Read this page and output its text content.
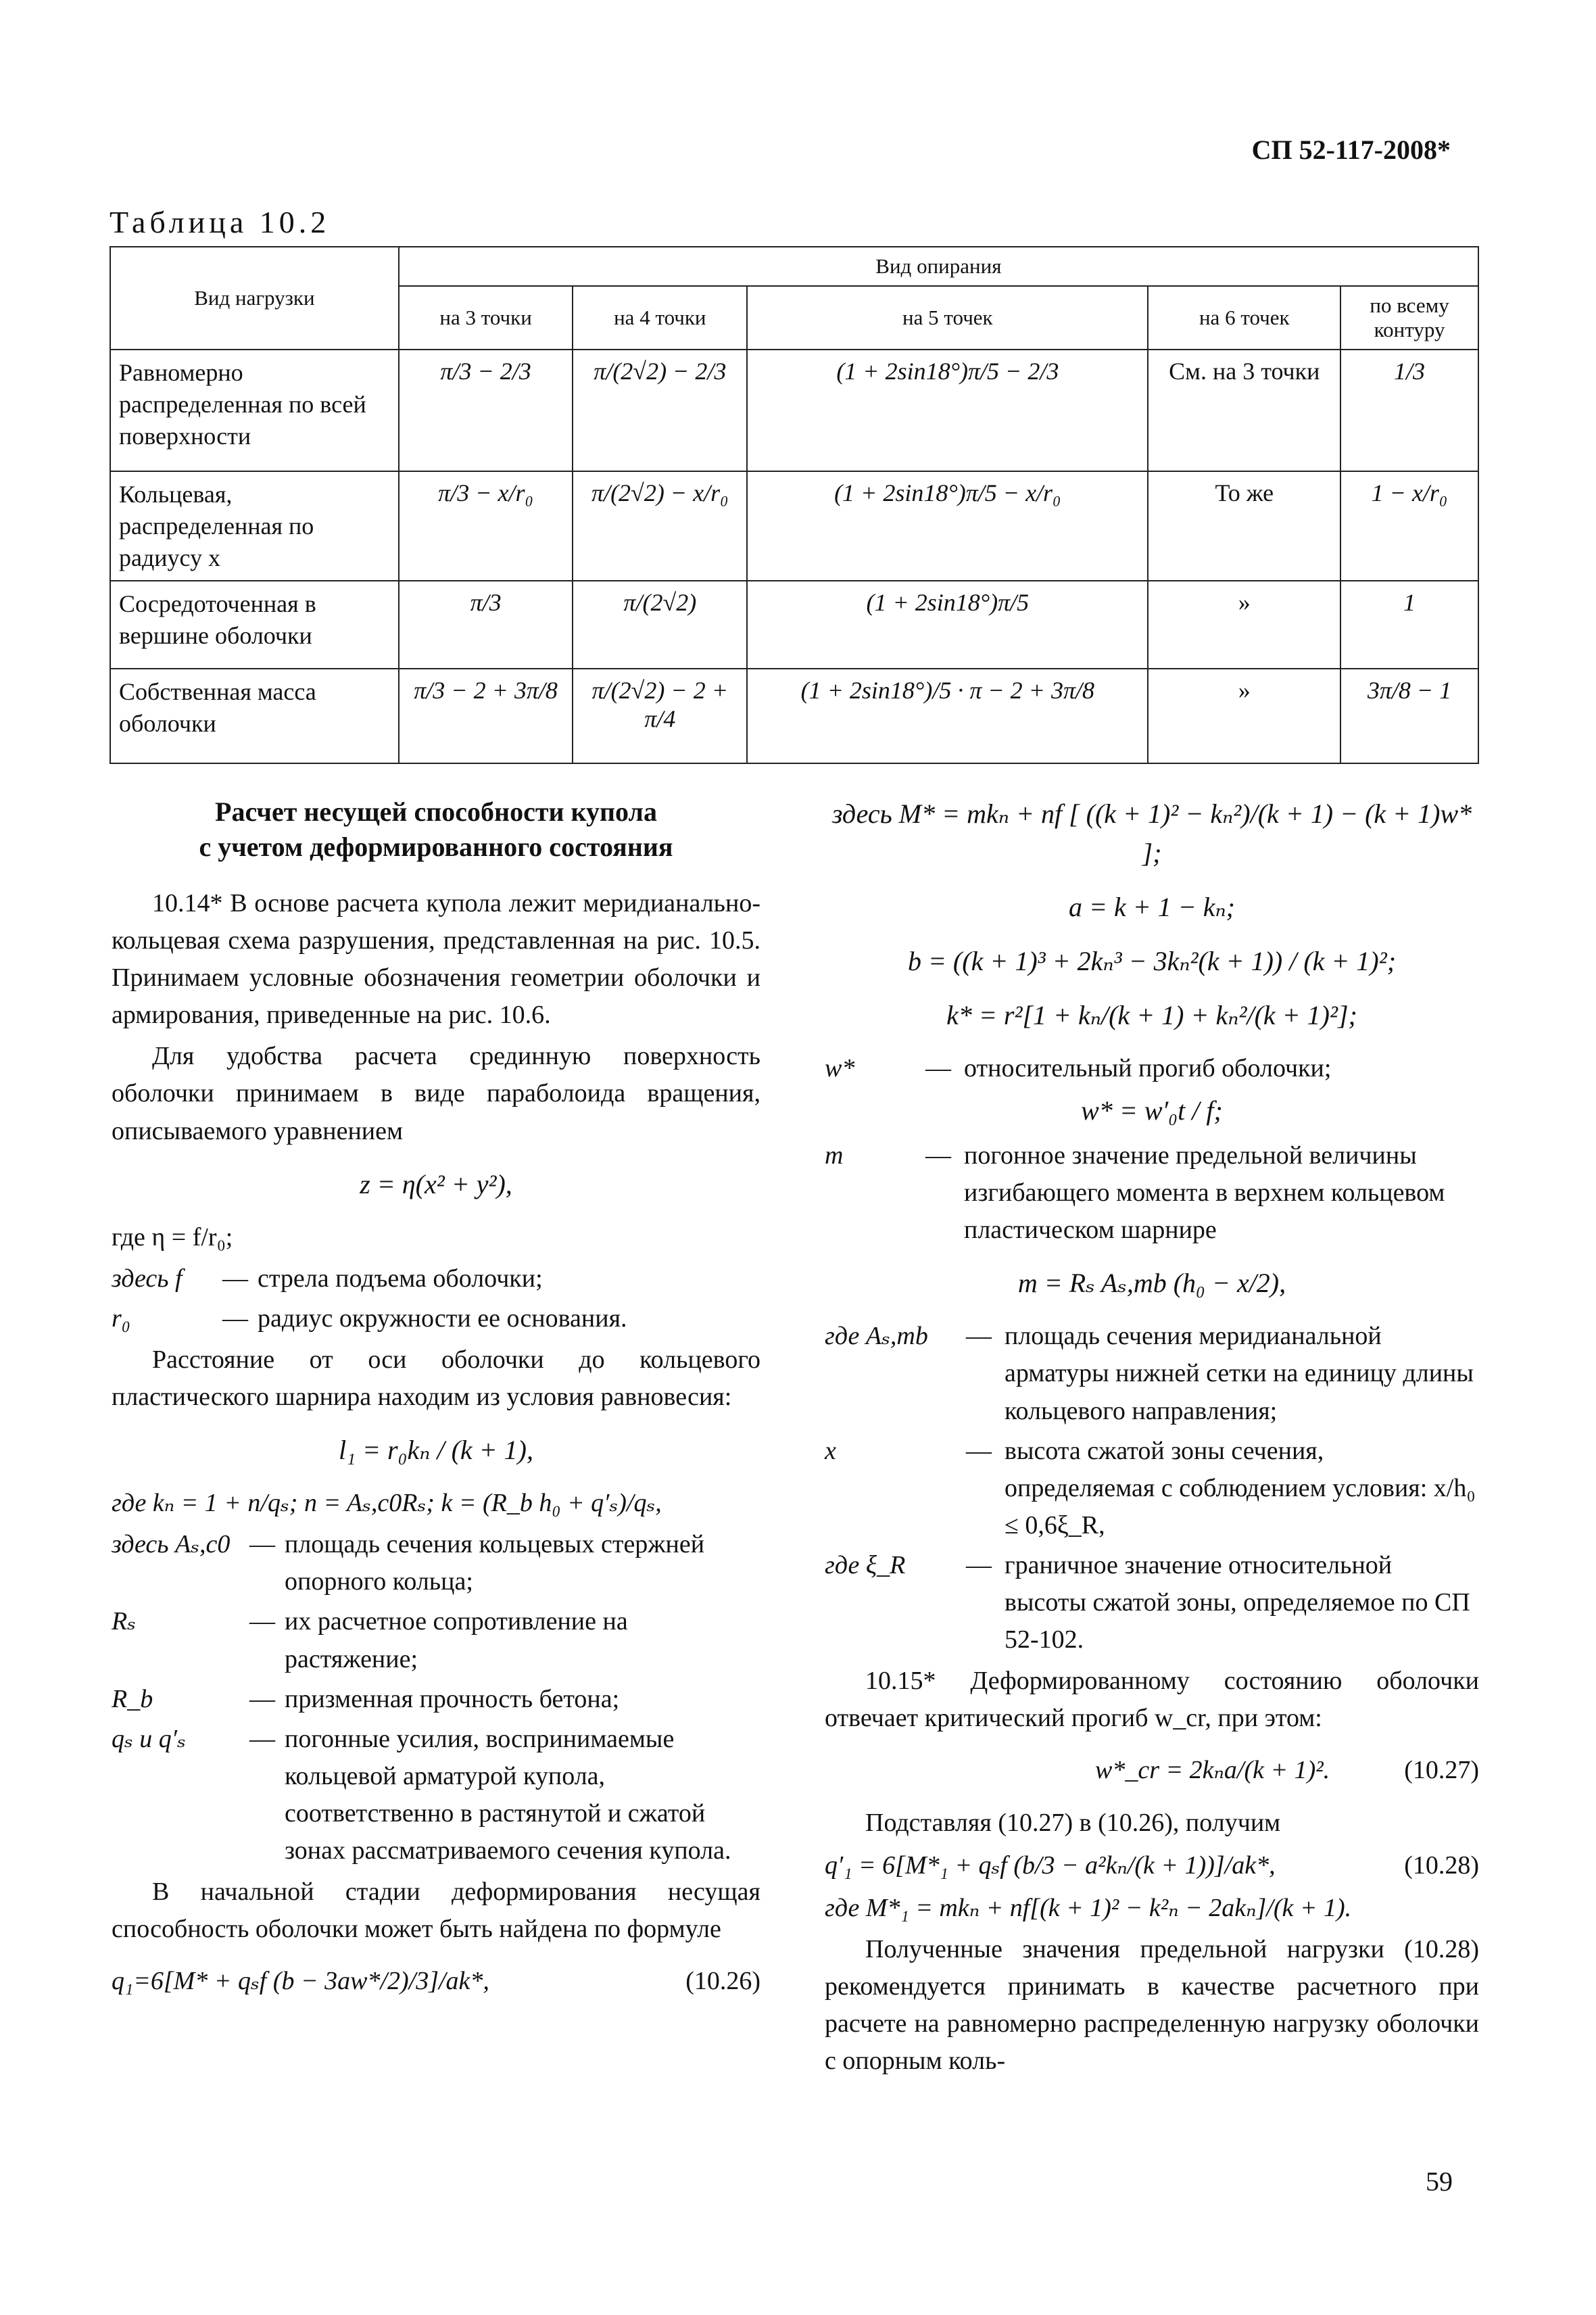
СП 52-117-2008*
Таблица 10.2
Вид нагрузки	Вид опирания				
	на 3 точки	на 4 точки	на 5 точек	на 6 точек	по всему контуру
Равномерно распределенная по всей поверхности	π/3 − 2/3	π/(2√2) − 2/3	(1 + 2sin18°)π/5 − 2/3	См. на 3 точки	1/3
Кольцевая, распределенная по радиусу x	π/3 − x/r₀	π/(2√2) − x/r₀	(1 + 2sin18°)π/5 − x/r₀	То же	1 − x/r₀
Сосредоточенная в вершине оболочки	π/3	π/(2√2)	(1 + 2sin18°)π/5	»	1
Собственная масса оболочки	π/3 − 2 + 3π/8	π/(2√2) − 2 + π/4	(1 + 2sin18°)/5 · π − 2 + 3π/8	»	3π/8 − 1
Расчет несущей способности купола
с учетом деформированного состояния

10.14* В основе расчета купола лежит меридианально-кольцевая схема разрушения, представленная на рис. 10.5. Принимаем условные обозначения геометрии оболочки и армирования, приведенные на рис. 10.6.

Для удобства расчета срединную поверхность оболочки принимаем в виде параболоида вращения, описываемого уравнением

z = η(x² + y²),

где η = f/r₀;

здесь f	— стрела подъема оболочки;
r₀	— радиус окружности ее основания.

Расстояние от оси оболочки до кольцевого пластического шарнира находим из условия равновесия:

l₁ = r₀kₙ / (k + 1),

где kₙ = 1 + n/qₛ; n = Aₛ,c0Rₛ; k = (R_b h₀ + q′ₛ)/qₛ,

здесь Aₛ,c0 — площадь сечения кольцевых стержней опорного кольца;
Rₛ	— их расчетное сопротивление на растяжение;
R_b	— призменная прочность бетона;
qₛ и q′ₛ	— погонные усилия, воспринимаемые кольцевой арматурой купола, соответственно в растянутой и сжатой зонах рассматриваемого сечения купола.

В начальной стадии деформирования несущая способность оболочки может быть найдена по формуле

q₁=6[M* + qₛf (b − 3aw*/2)/3]/ak*,	(10.26)
здесь M* = mkₙ + nf [ ((k + 1)² − kₙ²)/(k + 1) − (k + 1)w* ];
a = k + 1 − kₙ;
b = ((k + 1)³ + 2kₙ³ − 3kₙ²(k + 1)) / (k + 1)²;
k* = r²[1 + kₙ/(k + 1) + kₙ²/(k + 1)²];
w*	— относительный прогиб оболочки;
w* = w′₀t / f;
m	— погонное значение предельной величины изгибающего момента в верхнем кольцевом пластическом шарнире
m = Rₛ Aₛ,mb (h₀ − x/2),
где Aₛ,mb	— площадь сечения меридианальной арматуры нижней сетки на единицу длины кольцевого направления;
x	— высота сжатой зоны сечения, определяемая с соблюдением условия: x/h₀ ≤ 0,6ξ_R,
где ξ_R	— граничное значение относительной высоты сжатой зоны, определяемое по СП 52-102.

10.15* Деформированному состоянию оболочки отвечает критический прогиб w_cr, при этом:

w*_cr = 2kₙa/(k + 1)².	(10.27)

Подставляя (10.27) в (10.26), получим

q′₁ = 6[M*₁ + qₛf (b/3 − a²kₙ/(k + 1))]/ak*,	(10.28)

где M*₁ = mkₙ + nf[(k + 1)² − k²ₙ − 2akₙ]/(k + 1).

Полученные значения предельной нагрузки (10.28) рекомендуется принимать в качестве расчетного при расчете на равномерно распределенную нагрузку оболочки с опорным коль-

59
